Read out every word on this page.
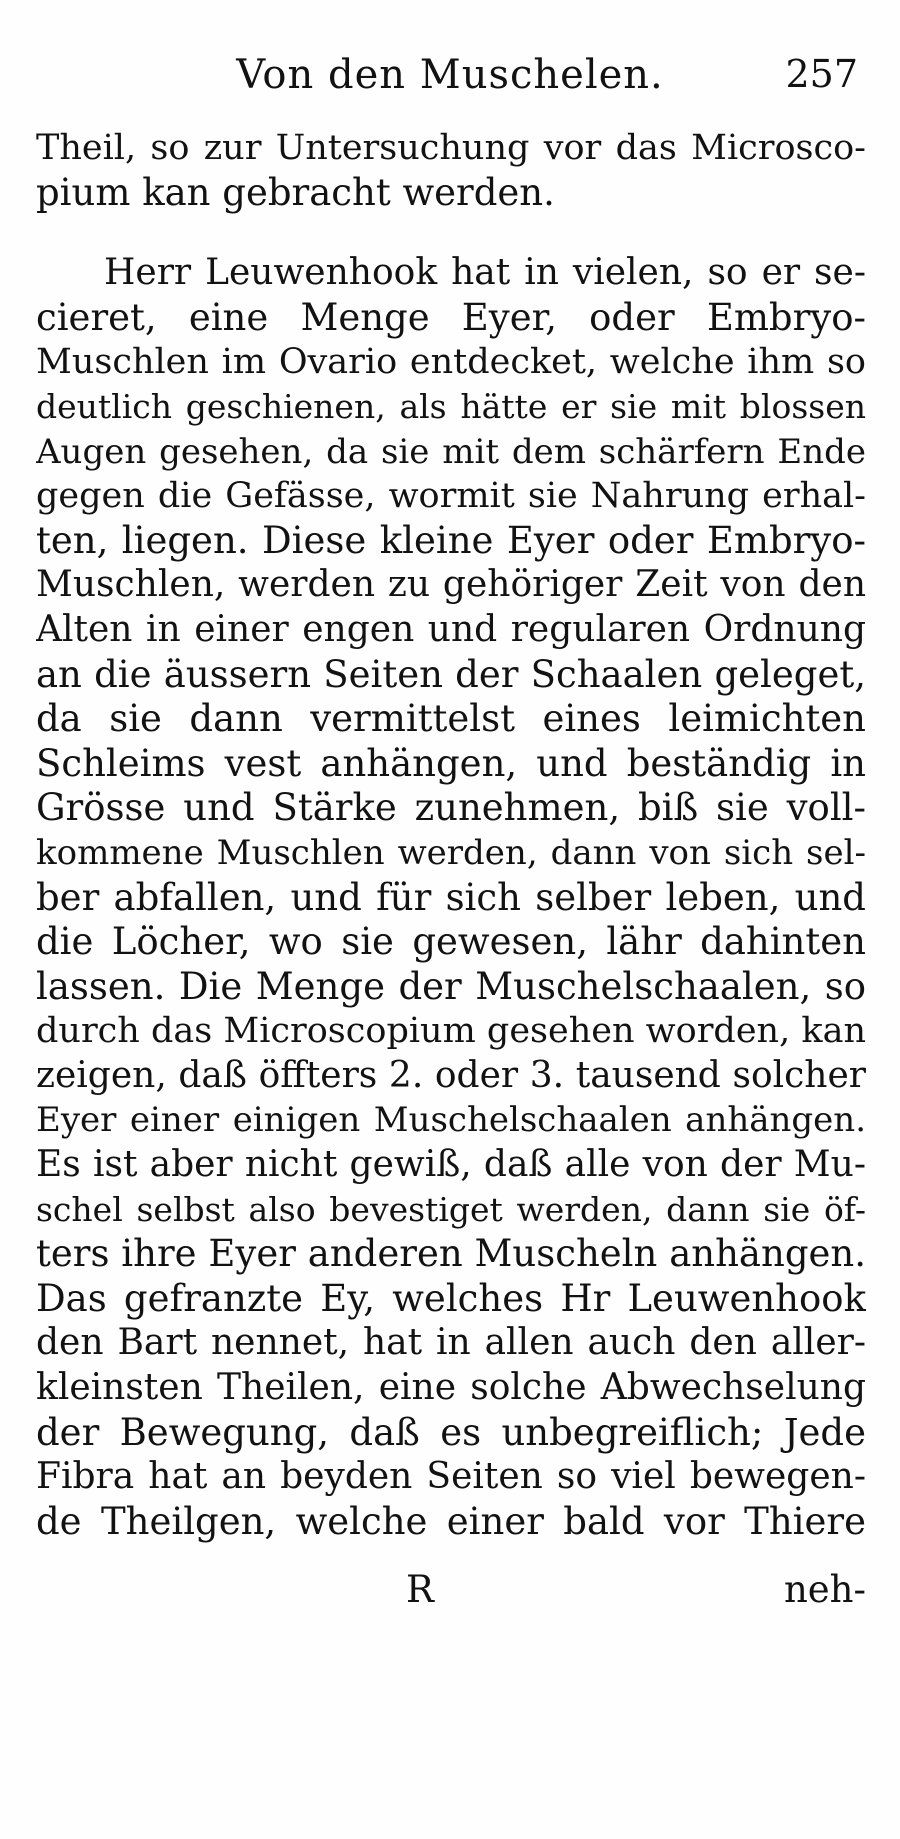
Von den Muschelen.	257
Theil, so zur Untersuchung vor das Microsco-
pium kan gebracht werden.
Herr Leuwenhook hat in vielen, so er se-
cieret, eine Menge Eyer, oder Embryo-
Muschlen im Ovario entdecket, welche ihm so
deutlich geschienen, als hätte er sie mit blossen
Augen gesehen, da sie mit dem schärfern Ende
gegen die Gefässe, wormit sie Nahrung erhal-
ten, liegen. Diese kleine Eyer oder Embryo-
Muschlen, werden zu gehöriger Zeit von den
Alten in einer engen und regularen Ordnung
an die äussern Seiten der Schaalen geleget,
da sie dann vermittelst eines leimichten
Schleims vest anhängen, und beständig in
Grösse und Stärke zunehmen, biß sie voll-
kommene Muschlen werden, dann von sich sel-
ber abfallen, und für sich selber leben, und
die Löcher, wo sie gewesen, lähr dahinten
lassen. Die Menge der Muschelschaalen, so
durch das Microscopium gesehen worden, kan
zeigen, daß öffters 2. oder 3. tausend solcher
Eyer einer einigen Muschelschaalen anhängen.
Es ist aber nicht gewiß, daß alle von der Mu-
schel selbst also bevestiget werden, dann sie öf-
ters ihre Eyer anderen Muscheln anhängen.
Das gefranzte Ey, welches Hr Leuwenhook
den Bart nennet, hat in allen auch den aller-
kleinsten Theilen, eine solche Abwechselung
der Bewegung, daß es unbegreiflich; Jede
Fibra hat an beyden Seiten so viel bewegen-
de Theilgen, welche einer bald vor Thiere
R	neh-
